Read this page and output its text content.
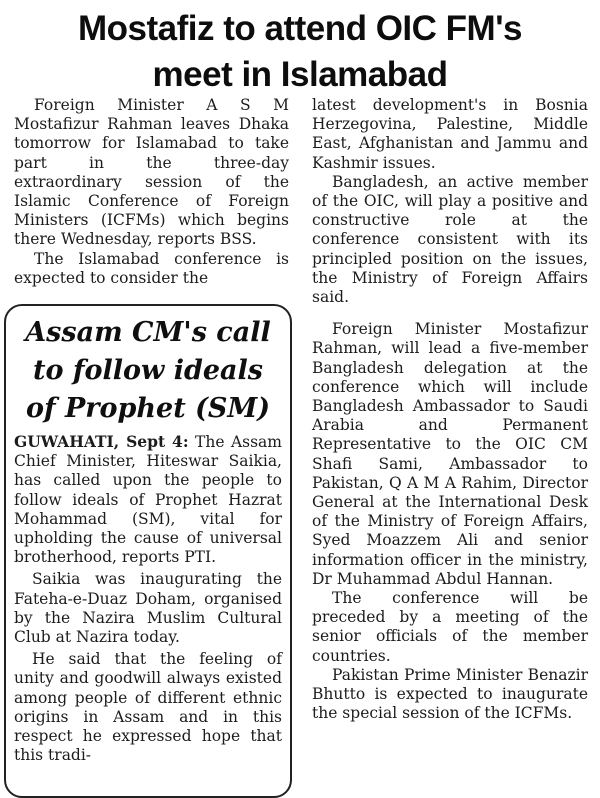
Mostafiz to attend OIC FM's
meet in Islamabad

Foreign Minister A S M Mostafizur Rahman leaves Dhaka tomorrow for Islamabad to take part in the three-day extraordinary session of the Islamic Conference of Foreign Ministers (ICFMs) which begins there Wednesday, reports BSS.

The Islamabad conference is expected to consider the

latest development's in Bosnia Herzegovina, Palestine, Middle East, Afghanistan and Jammu and Kashmir issues.

Bangladesh, an active member of the OIC, will play a positive and constructive role at the conference consistent with its principled position on the issues, the Ministry of Foreign Affairs said.

Foreign Minister Mostafizur Rahman, will lead a five-member Bangladesh delegation at the conference which will include Bangladesh Ambassador to Saudi Arabia and Permanent Representative to the OIC CM Shafi Sami, Ambassador to Pakistan, Q A M A Rahim, Director General at the International Desk of the Ministry of Foreign Affairs, Syed Moazzem Ali and senior information officer in the ministry, Dr Muhammad Abdul Hannan.

The conference will be preceded by a meeting of the senior officials of the member countries.

Pakistan Prime Minister Benazir Bhutto is expected to inaugurate the special session of the ICFMs.

Assam CM's call
to follow ideals
of Prophet (SM)

GUWAHATI, Sept 4: The Assam Chief Minister, Hiteswar Saikia, has called upon the people to follow ideals of Prophet Hazrat Mohammad (SM), vital for upholding the cause of universal brotherhood, reports PTI.

Saikia was inaugurating the Fateha-e-Duaz Doham, organised by the Nazira Muslim Cultural Club at Nazira today.

He said that the feeling of unity and goodwill always existed among people of different ethnic origins in Assam and in this respect he expressed hope that this tradi-
